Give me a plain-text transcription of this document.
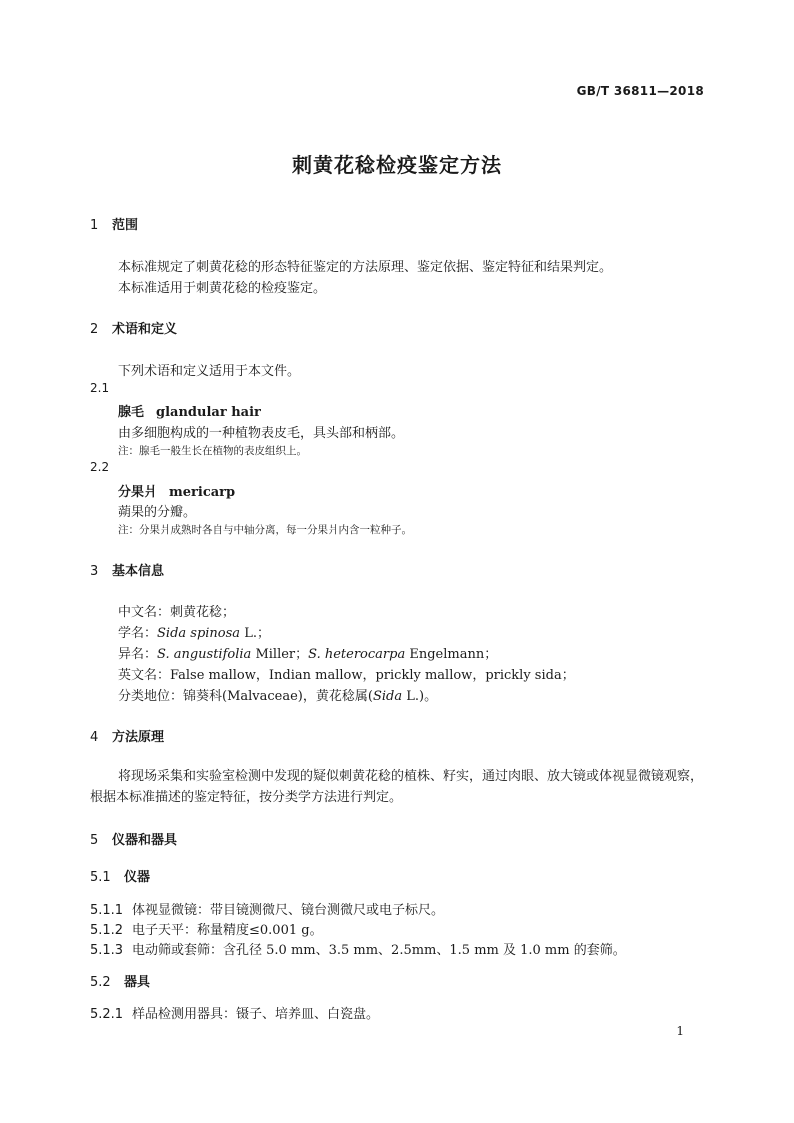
GB/T 36811—2018
刺黄花稔检疫鉴定方法
1 范围
本标准规定了刺黄花稔的形态特征鉴定的方法原理、鉴定依据、鉴定特征和结果判定。
本标准适用于刺黄花稔的检疫鉴定。
2 术语和定义
下列术语和定义适用于本文件。
2.1
腺毛 glandular hair
由多细胞构成的一种植物表皮毛，具头部和柄部。
注：腺毛一般生长在植物的表皮组织上。
2.2
分果爿 mericarp
蒴果的分瓣。
注：分果爿成熟时各自与中轴分离，每一分果爿内含一粒种子。
3 基本信息
中文名：刺黄花稔；
学名：Sida spinosa L.；
异名：S. angustifolia Miller；S. heterocarpa Engelmann；
英文名：False mallow，Indian mallow，prickly mallow，prickly sida；
分类地位：锦葵科(Malvaceae)，黄花稔属(Sida L.)。
4 方法原理
将现场采集和实验室检测中发现的疑似刺黄花稔的植株、籽实，通过肉眼、放大镜或体视显微镜观察，根据本标准描述的鉴定特征，按分类学方法进行判定。
5 仪器和器具
5.1 仪器
5.1.1 体视显微镜：带目镜测微尺、镜台测微尺或电子标尺。
5.1.2 电子天平：称量精度≤0.001 g。
5.1.3 电动筛或套筛：含孔径 5.0 mm、3.5 mm、2.5mm、1.5 mm 及 1.0 mm 的套筛。
5.2 器具
5.2.1 样品检测用器具：镊子、培养皿、白瓷盘。
1
